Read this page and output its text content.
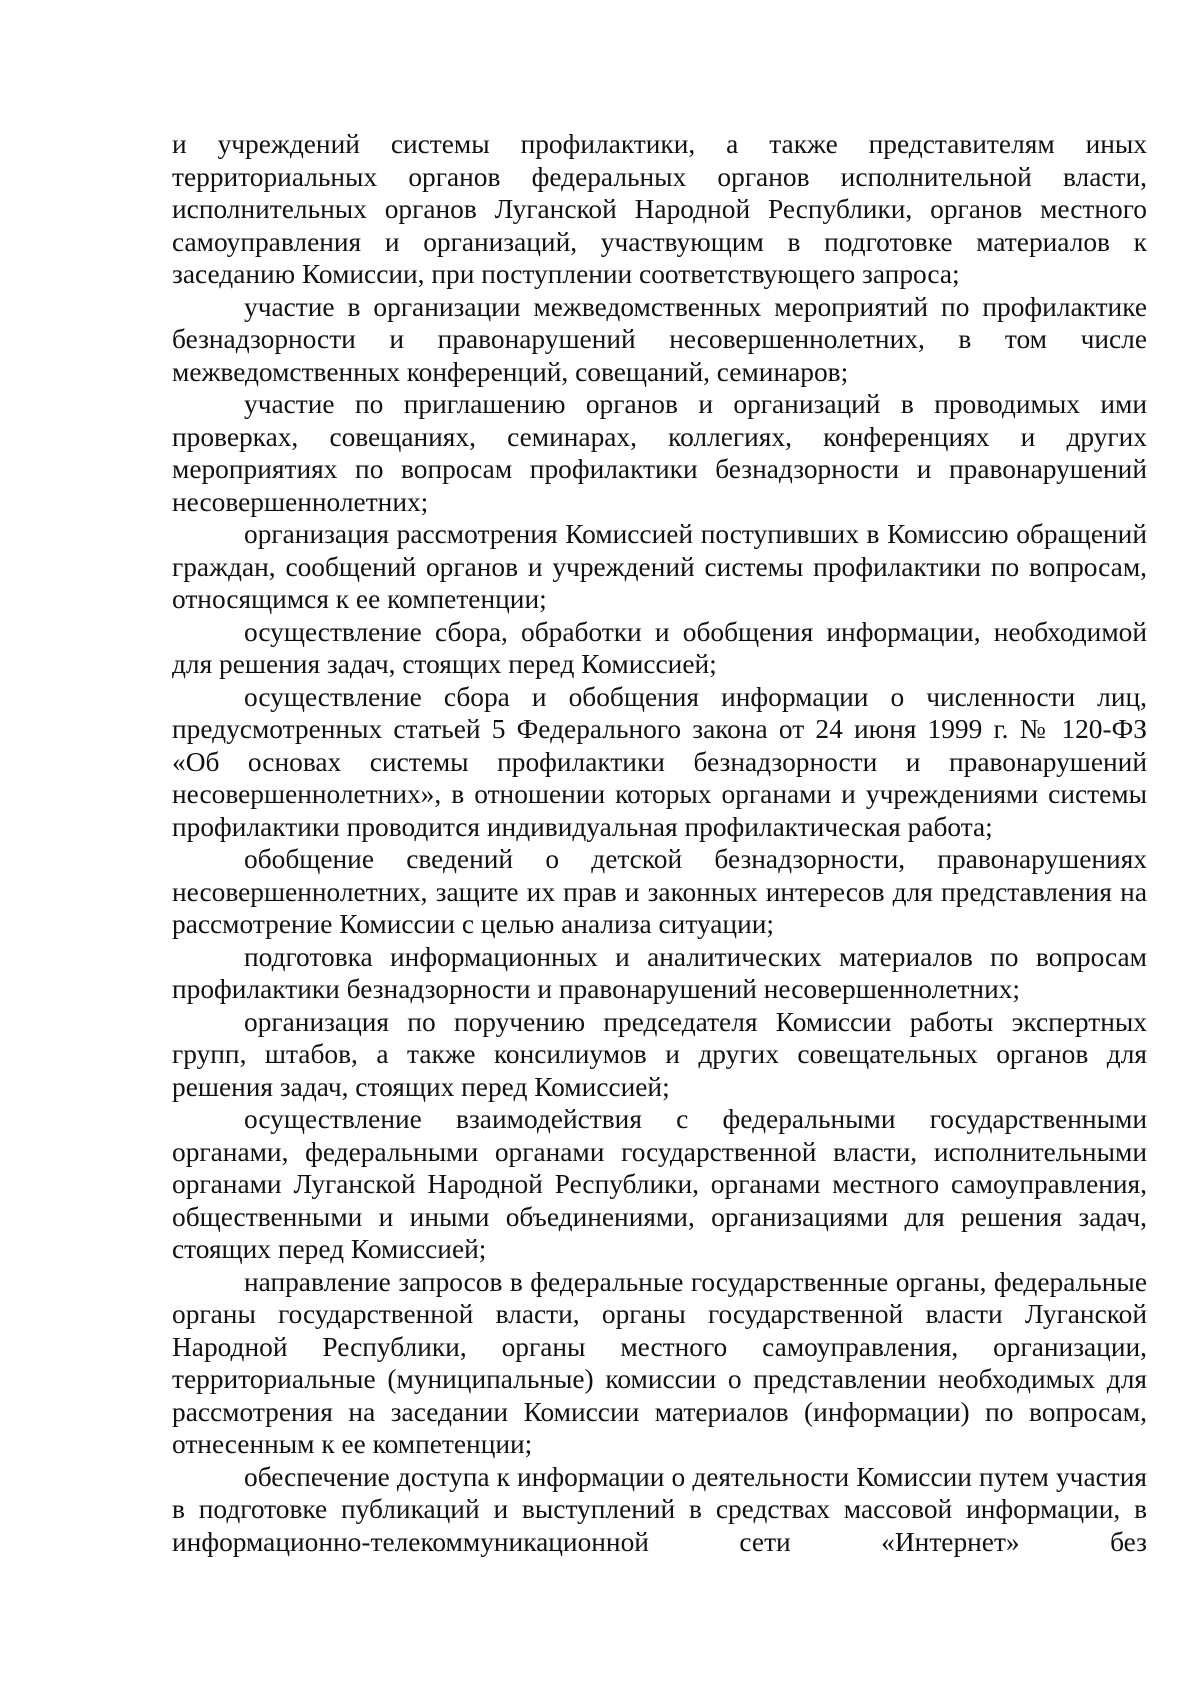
и учреждений системы профилактики, а также представителям иных территориальных органов федеральных органов исполнительной власти, исполнительных органов Луганской Народной Республики, органов местного самоуправления и организаций, участвующим в подготовке материалов к заседанию Комиссии, при поступлении соответствующего запроса;

участие в организации межведомственных мероприятий по профилактике безнадзорности и правонарушений несовершеннолетних, в том числе межведомственных конференций, совещаний, семинаров;

участие по приглашению органов и организаций в проводимых ими проверках, совещаниях, семинарах, коллегиях, конференциях и других мероприятиях по вопросам профилактики безнадзорности и правонарушений несовершеннолетних;

организация рассмотрения Комиссией поступивших в Комиссию обращений граждан, сообщений органов и учреждений системы профилактики по вопросам, относящимся к ее компетенции;

осуществление сбора, обработки и обобщения информации, необходимой для решения задач, стоящих перед Комиссией;

осуществление сбора и обобщения информации о численности лиц, предусмотренных статьей 5 Федерального закона от 24 июня 1999 г. № 120-ФЗ «Об основах системы профилактики безнадзорности и правонарушений несовершеннолетних», в отношении которых органами и учреждениями системы профилактики проводится индивидуальная профилактическая работа;

обобщение сведений о детской безнадзорности, правонарушениях несовершеннолетних, защите их прав и законных интересов для представления на рассмотрение Комиссии с целью анализа ситуации;

подготовка информационных и аналитических материалов по вопросам профилактики безнадзорности и правонарушений несовершеннолетних;

организация по поручению председателя Комиссии работы экспертных групп, штабов, а также консилиумов и других совещательных органов для решения задач, стоящих перед Комиссией;

осуществление взаимодействия с федеральными государственными органами, федеральными органами государственной власти, исполнительными органами Луганской Народной Республики, органами местного самоуправления, общественными и иными объединениями, организациями для решения задач, стоящих перед Комиссией;

направление запросов в федеральные государственные органы, федеральные органы государственной власти, органы государственной власти Луганской Народной Республики, органы местного самоуправления, организации, территориальные (муниципальные) комиссии о представлении необходимых для рассмотрения на заседании Комиссии материалов (информации) по вопросам, отнесенным к ее компетенции;

обеспечение доступа к информации о деятельности Комиссии путем участия в подготовке публикаций и выступлений в средствах массовой информации, в информационно-телекоммуникационной сети «Интернет» без
